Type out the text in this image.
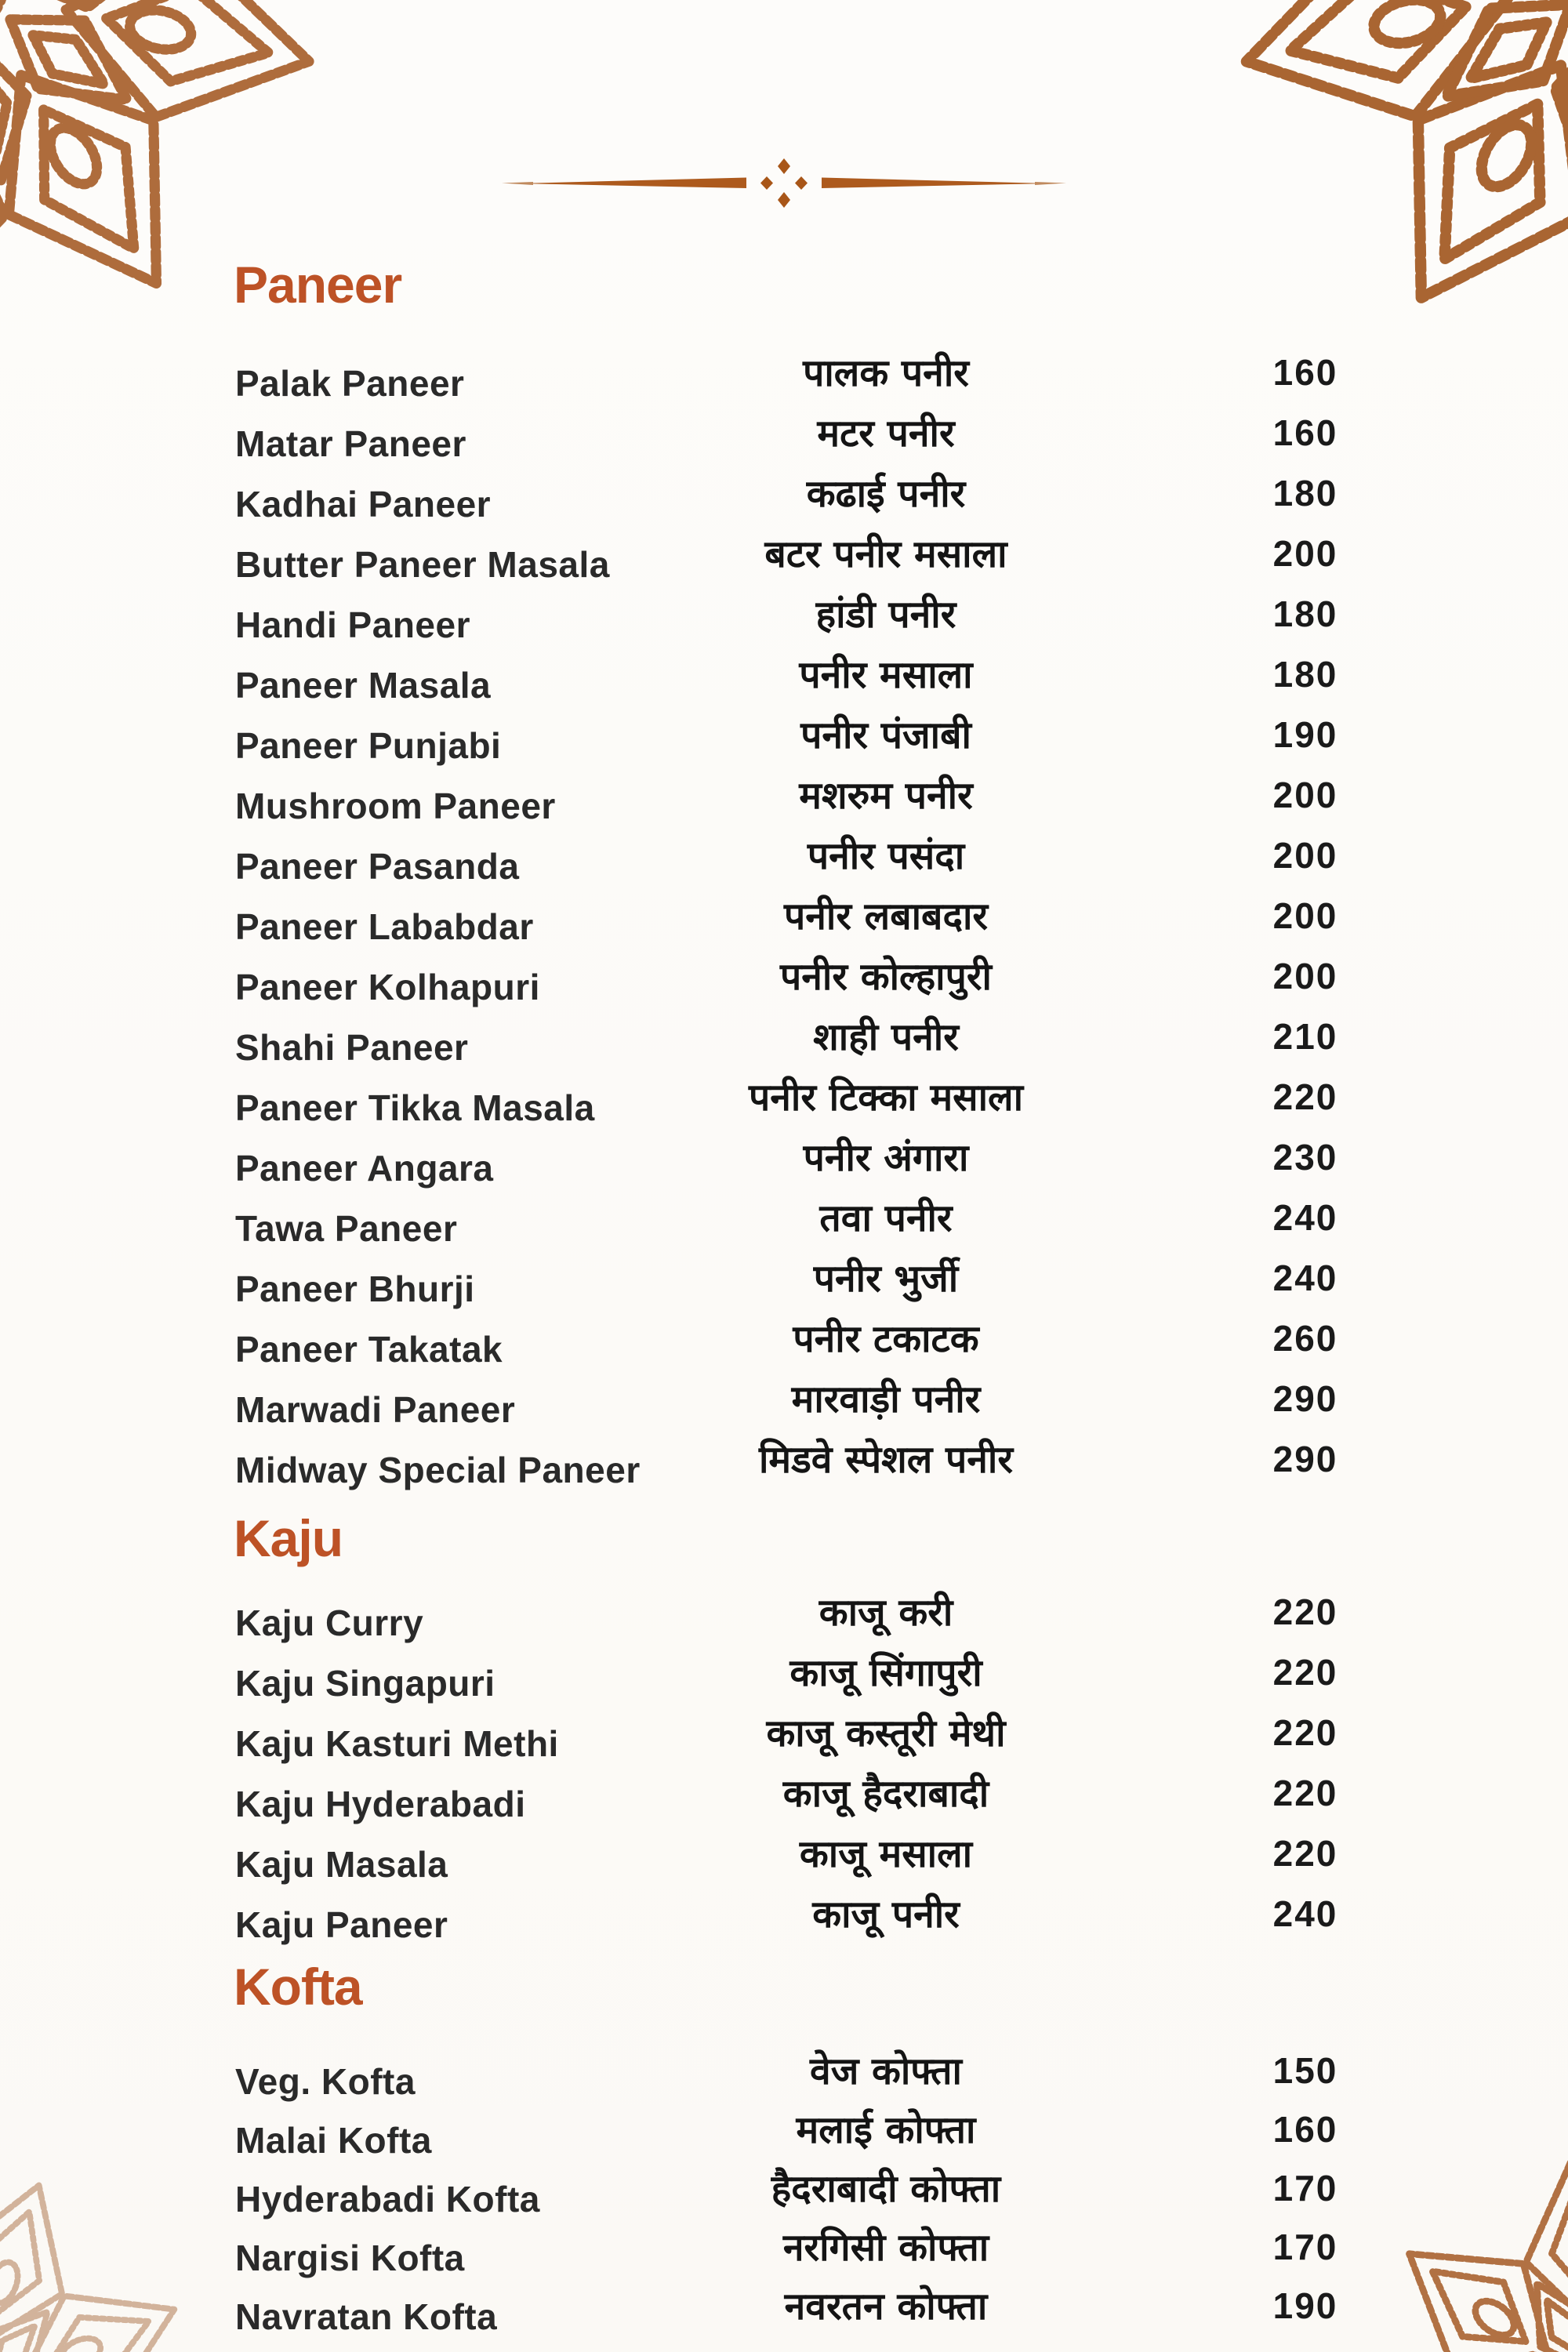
Paneer
Palak Paneer	पालक पनीर	160
Matar Paneer	मटर पनीर	160
Kadhai Paneer	कढाई पनीर	180
Butter Paneer Masala	बटर पनीर मसाला	200
Handi Paneer	हांडी पनीर	180
Paneer Masala	पनीर मसाला	180
Paneer Punjabi	पनीर पंजाबी	190
Mushroom Paneer	मशरुम पनीर	200
Paneer Pasanda	पनीर पसंदा	200
Paneer Lababdar	पनीर लबाबदार	200
Paneer Kolhapuri	पनीर कोल्हापुरी	200
Shahi Paneer	शाही पनीर	210
Paneer Tikka Masala	पनीर टिक्का मसाला	220
Paneer Angara	पनीर अंगारा	230
Tawa Paneer	तवा पनीर	240
Paneer Bhurji	पनीर भुर्जी	240
Paneer Takatak	पनीर टकाटक	260
Marwadi Paneer	मारवाड़ी पनीर	290
Midway Special Paneer	मिडवे स्पेशल पनीर	290
Kaju
Kaju Curry	काजू करी	220
Kaju Singapuri	काजू सिंगापुरी	220
Kaju Kasturi Methi	काजू कस्तूरी मेथी	220
Kaju Hyderabadi	काजू हैदराबादी	220
Kaju Masala	काजू मसाला	220
Kaju Paneer	काजू पनीर	240
Kofta
Veg. Kofta	वेज कोफ्ता	150
Malai Kofta	मलाई कोफ्ता	160
Hyderabadi Kofta	हैदराबादी कोफ्ता	170
Nargisi Kofta	नरगिसी कोफ्ता	170
Navratan Kofta	नवरतन कोफ्ता	190
